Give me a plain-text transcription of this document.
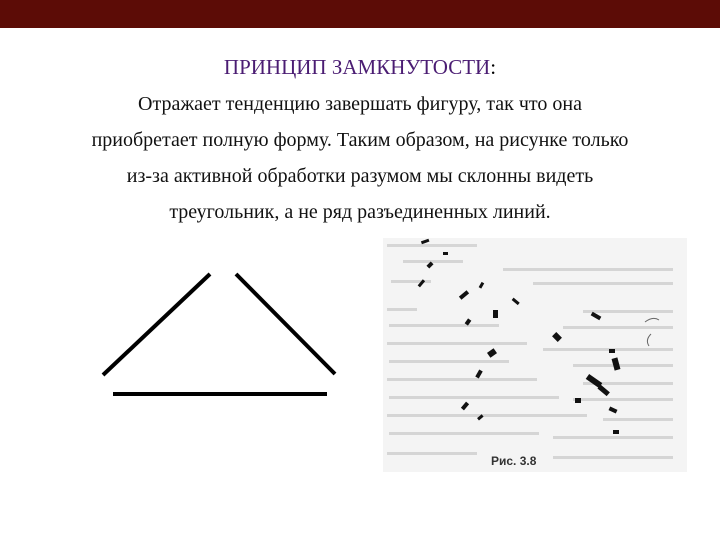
ПРИНЦИП ЗАМКНУТОСТИ:
Отражает тенденцию завершать фигуру, так что она
приобретает полную форму. Таким образом, на рисунке только
из-за активной обработки разумом мы склонны видеть
треугольник, а не ряд разъединенных линий.
Рис. 3.8
